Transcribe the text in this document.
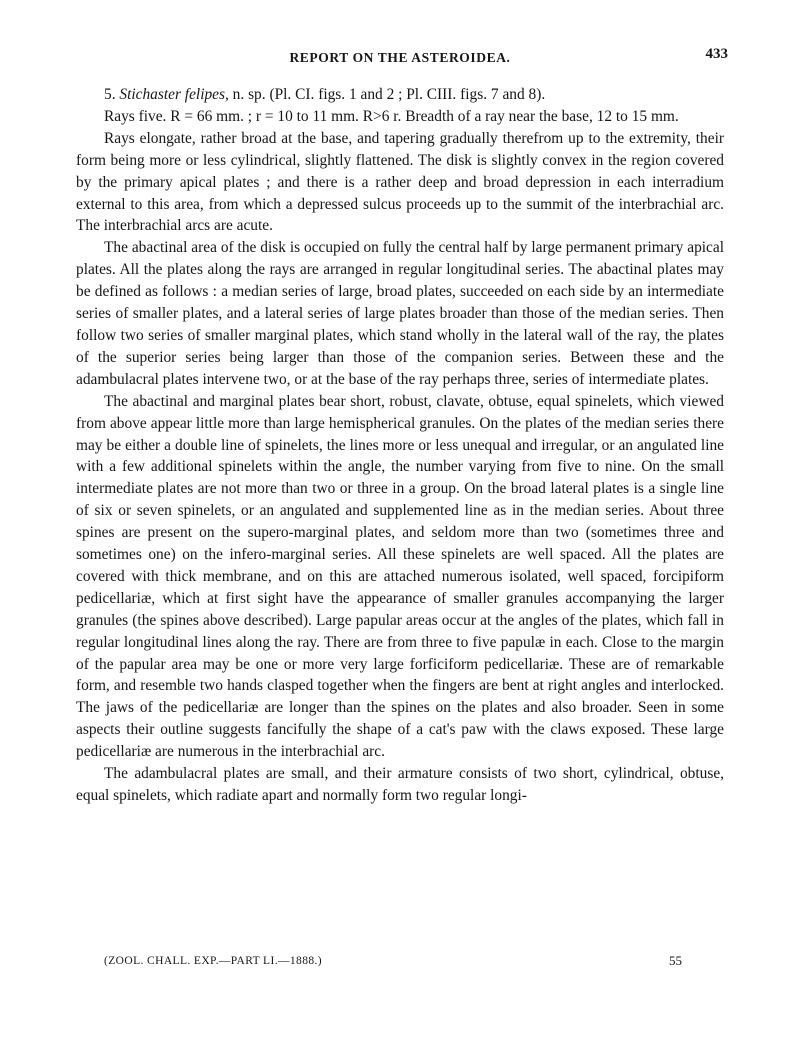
REPORT ON THE ASTEROIDEA.	433

5. Stichaster felipes, n. sp. (Pl. CI. figs. 1 and 2 ; Pl. CIII. figs. 7 and 8).

Rays five. R = 66 mm. ; r = 10 to 11 mm. R>6 r. Breadth of a ray near the base, 12 to 15 mm.

Rays elongate, rather broad at the base, and tapering gradually therefrom up to the extremity, their form being more or less cylindrical, slightly flattened. The disk is slightly convex in the region covered by the primary apical plates ; and there is a rather deep and broad depression in each interradium external to this area, from which a depressed sulcus proceeds up to the summit of the interbrachial arc. The interbrachial arcs are acute.

The abactinal area of the disk is occupied on fully the central half by large permanent primary apical plates. All the plates along the rays are arranged in regular longitudinal series. The abactinal plates may be defined as follows : a median series of large, broad plates, succeeded on each side by an intermediate series of smaller plates, and a lateral series of large plates broader than those of the median series. Then follow two series of smaller marginal plates, which stand wholly in the lateral wall of the ray, the plates of the superior series being larger than those of the companion series. Between these and the adambulacral plates intervene two, or at the base of the ray perhaps three, series of intermediate plates.

The abactinal and marginal plates bear short, robust, clavate, obtuse, equal spinelets, which viewed from above appear little more than large hemispherical granules. On the plates of the median series there may be either a double line of spinelets, the lines more or less unequal and irregular, or an angulated line with a few additional spinelets within the angle, the number varying from five to nine. On the small intermediate plates are not more than two or three in a group. On the broad lateral plates is a single line of six or seven spinelets, or an angulated and supplemented line as in the median series. About three spines are present on the supero-marginal plates, and seldom more than two (sometimes three and sometimes one) on the infero-marginal series. All these spinelets are well spaced. All the plates are covered with thick membrane, and on this are attached numerous isolated, well spaced, forcipiform pedicellariæ, which at first sight have the appearance of smaller granules accompanying the larger granules (the spines above described). Large papular areas occur at the angles of the plates, which fall in regular longitudinal lines along the ray. There are from three to five papulæ in each. Close to the margin of the papular area may be one or more very large forficiform pedicellariæ. These are of remarkable form, and resemble two hands clasped together when the fingers are bent at right angles and interlocked. The jaws of the pedicellariæ are longer than the spines on the plates and also broader. Seen in some aspects their outline suggests fancifully the shape of a cat's paw with the claws exposed. These large pedicellariæ are numerous in the interbrachial arc.

The adambulacral plates are small, and their armature consists of two short, cylindrical, obtuse, equal spinelets, which radiate apart and normally form two regular longi-

(ZOOL. CHALL. EXP.—PART LI.—1888.)	55
